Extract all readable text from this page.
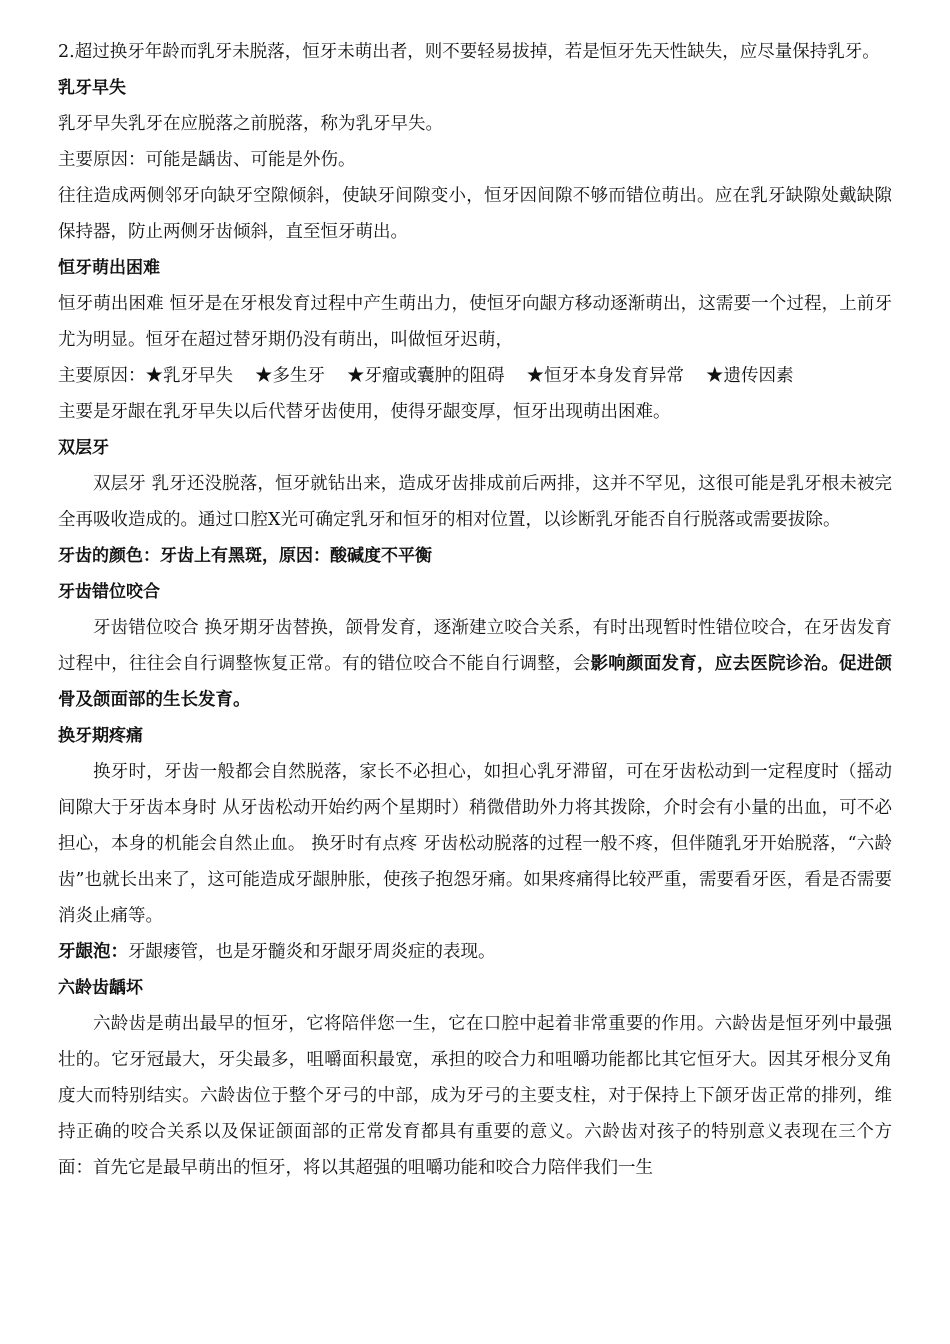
2.超过换牙年龄而乳牙未脱落，恒牙未萌出者，则不要轻易拔掉，若是恒牙先天性缺失，应尽量保持乳牙。

乳牙早失

乳牙早失乳牙在应脱落之前脱落，称为乳牙早失。

主要原因：可能是龋齿、可能是外伤。

往往造成两侧邻牙向缺牙空隙倾斜，使缺牙间隙变小，恒牙因间隙不够而错位萌出。应在乳牙缺隙处戴缺隙保持器，防止两侧牙齿倾斜，直至恒牙萌出。

恒牙萌出困难

恒牙萌出困难 恒牙是在牙根发育过程中产生萌出力，使恒牙向龈方移动逐渐萌出，这需要一个过程，上前牙尤为明显。恒牙在超过替牙期仍没有萌出，叫做恒牙迟萌，

主要原因：★乳牙早失 ★多生牙 ★牙瘤或囊肿的阻碍 ★恒牙本身发育异常 ★遗传因素

主要是牙龈在乳牙早失以后代替牙齿使用，使得牙龈变厚，恒牙出现萌出困难。

双层牙

双层牙 乳牙还没脱落，恒牙就钻出来，造成牙齿排成前后两排，这并不罕见，这很可能是乳牙根未被完全再吸收造成的。通过口腔X光可确定乳牙和恒牙的相对位置，以诊断乳牙能否自行脱落或需要拔除。

牙齿的颜色：牙齿上有黑斑，原因：酸碱度不平衡

牙齿错位咬合

牙齿错位咬合 换牙期牙齿替换，颌骨发育，逐渐建立咬合关系，有时出现暂时性错位咬合，在牙齿发育过程中，往往会自行调整恢复正常。有的错位咬合不能自行调整，会影响颜面发育，应去医院诊治。促进颌骨及颌面部的生长发育。

换牙期疼痛

换牙时，牙齿一般都会自然脱落，家长不必担心，如担心乳牙滞留，可在牙齿松动到一定程度时（摇动间隙大于牙齿本身时 从牙齿松动开始约两个星期时）稍微借助外力将其拨除，介时会有小量的出血，可不必担心，本身的机能会自然止血。 换牙时有点疼 牙齿松动脱落的过程一般不疼，但伴随乳牙开始脱落，“六龄齿”也就长出来了，这可能造成牙龈肿胀，使孩子抱怨牙痛。如果疼痛得比较严重，需要看牙医，看是否需要消炎止痛等。

牙龈泡：牙龈瘘管，也是牙髓炎和牙龈牙周炎症的表现。

六龄齿龋坏

六龄齿是萌出最早的恒牙，它将陪伴您一生，它在口腔中起着非常重要的作用。六龄齿是恒牙列中最强壮的。它牙冠最大，牙尖最多，咀嚼面积最宽，承担的咬合力和咀嚼功能都比其它恒牙大。因其牙根分叉角度大而特别结实。六龄齿位于整个牙弓的中部，成为牙弓的主要支柱，对于保持上下颌牙齿正常的排列，维持正确的咬合关系以及保证颌面部的正常发育都具有重要的意义。六龄齿对孩子的特别意义表现在三个方面：首先它是最早萌出的恒牙，将以其超强的咀嚼功能和咬合力陪伴我们一生
